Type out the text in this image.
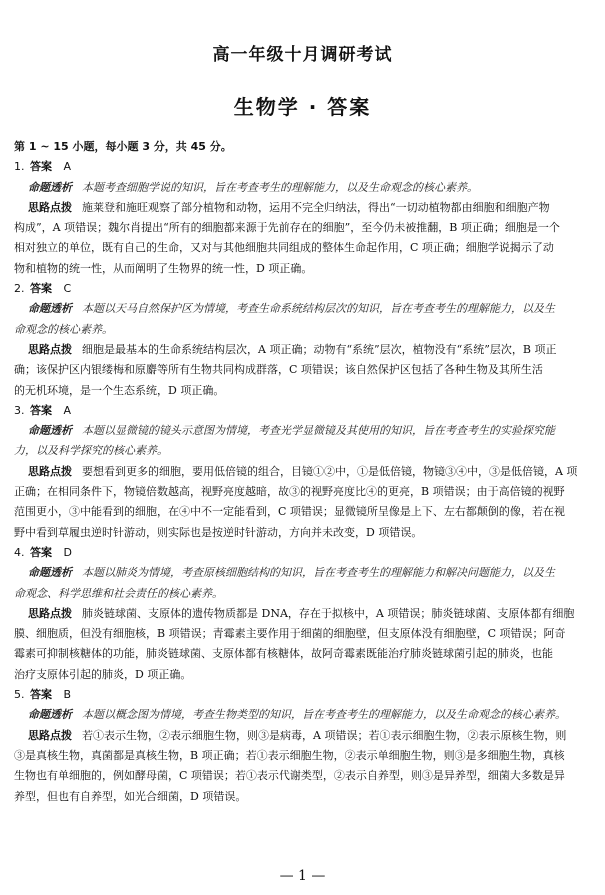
高一年级十月调研考试
生物学 · 答案
第 1 ~ 15 小题，每小题 3 分，共 45 分。
1. 答案 A
命题透析 本题考查细胞学说的知识，旨在考查考生的理解能力，以及生命观念的核心素养。
思路点拨 施莱登和施旺观察了部分植物和动物，运用不完全归纳法，得出“一切动植物都由细胞和细胞产物
构成”，A 项错误；魏尔肖提出“所有的细胞都来源于先前存在的细胞”，至今仍未被推翻，B 项正确；细胞是一个
相对独立的单位，既有自己的生命，又对与其他细胞共同组成的整体生命起作用，C 项正确；细胞学说揭示了动
物和植物的统一性，从而阐明了生物界的统一性，D 项正确。
2. 答案 C
命题透析 本题以天马自然保护区为情境，考查生命系统结构层次的知识，旨在考查考生的理解能力，以及生
命观念的核心素养。
思路点拨 细胞是最基本的生命系统结构层次，A 项正确；动物有“系统”层次，植物没有“系统”层次，B 项正
确；该保护区内银缕梅和原麝等所有生物共同构成群落，C 项错误；该自然保护区包括了各种生物及其所生活
的无机环境，是一个生态系统，D 项正确。
3. 答案 A
命题透析 本题以显微镜的镜头示意图为情境，考查光学显微镜及其使用的知识，旨在考查考生的实验探究能
力，以及科学探究的核心素养。
思路点拨 要想看到更多的细胞，要用低倍镜的组合，目镜①②中，①是低倍镜，物镜③④中，③是低倍镜，A 项
正确；在相同条件下，物镜倍数越高，视野亮度越暗，故③的视野亮度比④的更亮，B 项错误；由于高倍镜的视野
范围更小，③中能看到的细胞，在④中不一定能看到，C 项错误；显微镜所呈像是上下、左右都颠倒的像，若在视
野中看到草履虫逆时针游动，则实际也是按逆时针游动，方向并未改变，D 项错误。
4. 答案 D
命题透析 本题以肺炎为情境，考查原核细胞结构的知识，旨在考查考生的理解能力和解决问题能力，以及生
命观念、科学思维和社会责任的核心素养。
思路点拨 肺炎链球菌、支原体的遗传物质都是 DNA，存在于拟核中，A 项错误；肺炎链球菌、支原体都有细胞
膜、细胞质，但没有细胞核，B 项错误；青霉素主要作用于细菌的细胞壁，但支原体没有细胞壁，C 项错误；阿奇
霉素可抑制核糖体的功能，肺炎链球菌、支原体都有核糖体，故阿奇霉素既能治疗肺炎链球菌引起的肺炎，也能
治疗支原体引起的肺炎，D 项正确。
5. 答案 B
命题透析 本题以概念图为情境，考查生物类型的知识，旨在考查考生的理解能力，以及生命观念的核心素养。
思路点拨 若①表示生物，②表示细胞生物，则③是病毒，A 项错误；若①表示细胞生物，②表示原核生物，则
③是真核生物，真菌都是真核生物，B 项正确；若①表示细胞生物，②表示单细胞生物，则③是多细胞生物，真核
生物也有单细胞的，例如酵母菌，C 项错误；若①表示代谢类型，②表示自养型，则③是异养型，细菌大多数是异
养型，但也有自养型，如光合细菌，D 项错误。
— 1 —
